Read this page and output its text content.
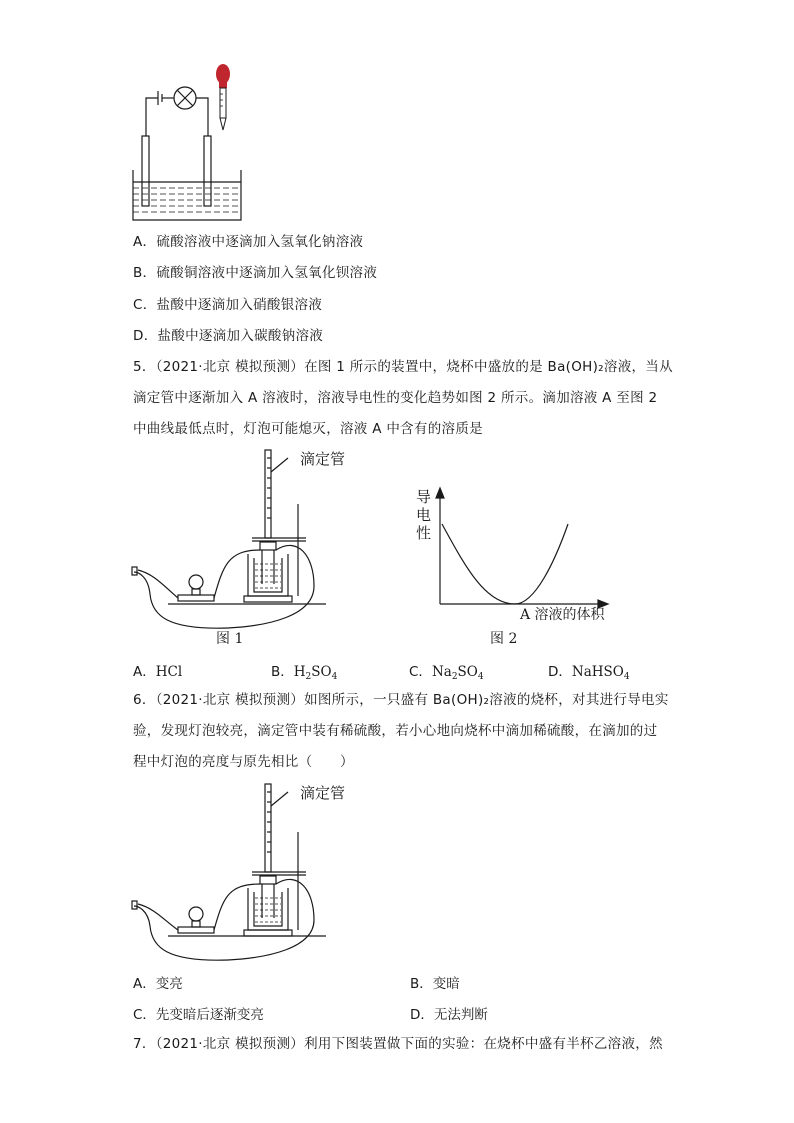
A．硫酸溶液中逐滴加入氢氧化钠溶液
B．硫酸铜溶液中逐滴加入氢氧化钡溶液
C．盐酸中逐滴加入硝酸银溶液
D．盐酸中逐滴加入碳酸钠溶液
5．（2021·北京 模拟预测）在图 1 所示的装置中，烧杯中盛放的是 Ba(OH)₂溶液，当从
滴定管中逐渐加入 A 溶液时，溶液导电性的变化趋势如图 2 所示。滴加溶液 A 至图 2
中曲线最低点时，灯泡可能熄灭，溶液 A 中含有的溶质是
滴定管
图 1
导
电
性
A 溶液的体积
图 2
A．HCl	B．$H_2SO_4$	C．$Na_2SO_4$	D．NaHSO$_4$
6．（2021·北京 模拟预测）如图所示，一只盛有 Ba(OH)₂溶液的烧杯，对其进行导电实
验，发现灯泡较亮，滴定管中装有稀硫酸，若小心地向烧杯中滴加稀硫酸，在滴加的过
程中灯泡的亮度与原先相比（　　）
滴定管
A．变亮	B．变暗
C．先变暗后逐渐变亮	D．无法判断
7．（2021·北京 模拟预测）利用下图装置做下面的实验：在烧杯中盛有半杯乙溶液，然
